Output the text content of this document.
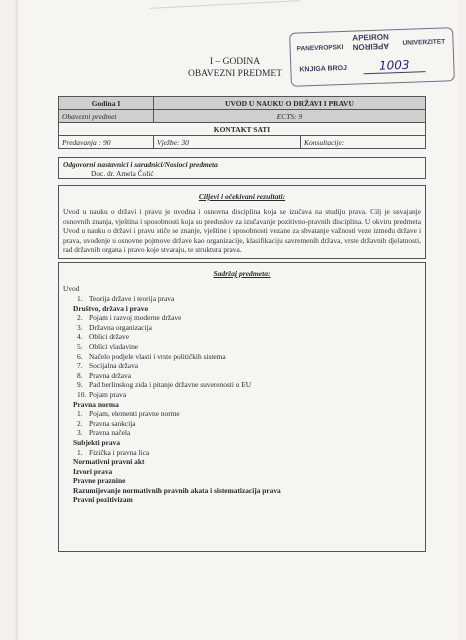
I – GODINA
OBAVEZNI PREDMET
PANEVROPSKI
APEIRON
APEIRON UNIVERZITET
KNJIGA BROJ	1003
Godina I	UVOD U NAUKU O DRŽAVI I PRAVU	
Obavezni predmet	ECTS: 9	
KONTAKT SATI		
Predavanja : 90	Vježbe: 30	Konsultacije:
Odgovorni nastavnici i saradnici/Nosioci predmeta
Doc. dr. Amela Čolić
Ciljevi i očekivani rezultati:
Uvod u nauku o državi i pravu je uvodna i osnovna disciplina koja se izučava na studiju prava. Cilj je usvajanje osnovnih znanja, vještina i sposobnosti koja su preduslov za izučavanje pozitivno-pravnih disciplina. U okviru predmeta Uvod u nauku o državi i pravu stiče se znanje, vještine i sposobnosti vezane za shvatanje važnosti veze između države i prava, uvođenje u osnovne pojmove države kao organizacije, klasifikaciju savremenih država, vrste državnih djelatnosti, rad državnih organa i pravo koje stvaraju, te struktura prava.
Sadržaj predmeta:
Uvod
1. Teorija države i teorija prava
Društvo, država i pravo
2. Pojam i razvoj moderne države
3. Državna organizacija
4. Oblici države
5. Oblici vladavine
6. Načelo podjele vlasti i vrste političkih sistema
7. Socijalna država
8. Pravna država
9. Pad berlinskog zida i pitanje državne suverenosti u EU
10. Pojam prava
Pravna norma
1. Pojam, elementi pravne norme
2. Pravna sankcija
3. Pravna načela
Subjekti prava
1. Fizička i pravna lica
Normativni pravni akt
Izvori prava
Pravne praznine
Razumijevanje normativnih pravnih akata i sistematizacija prava
Pravni pozitivizam
